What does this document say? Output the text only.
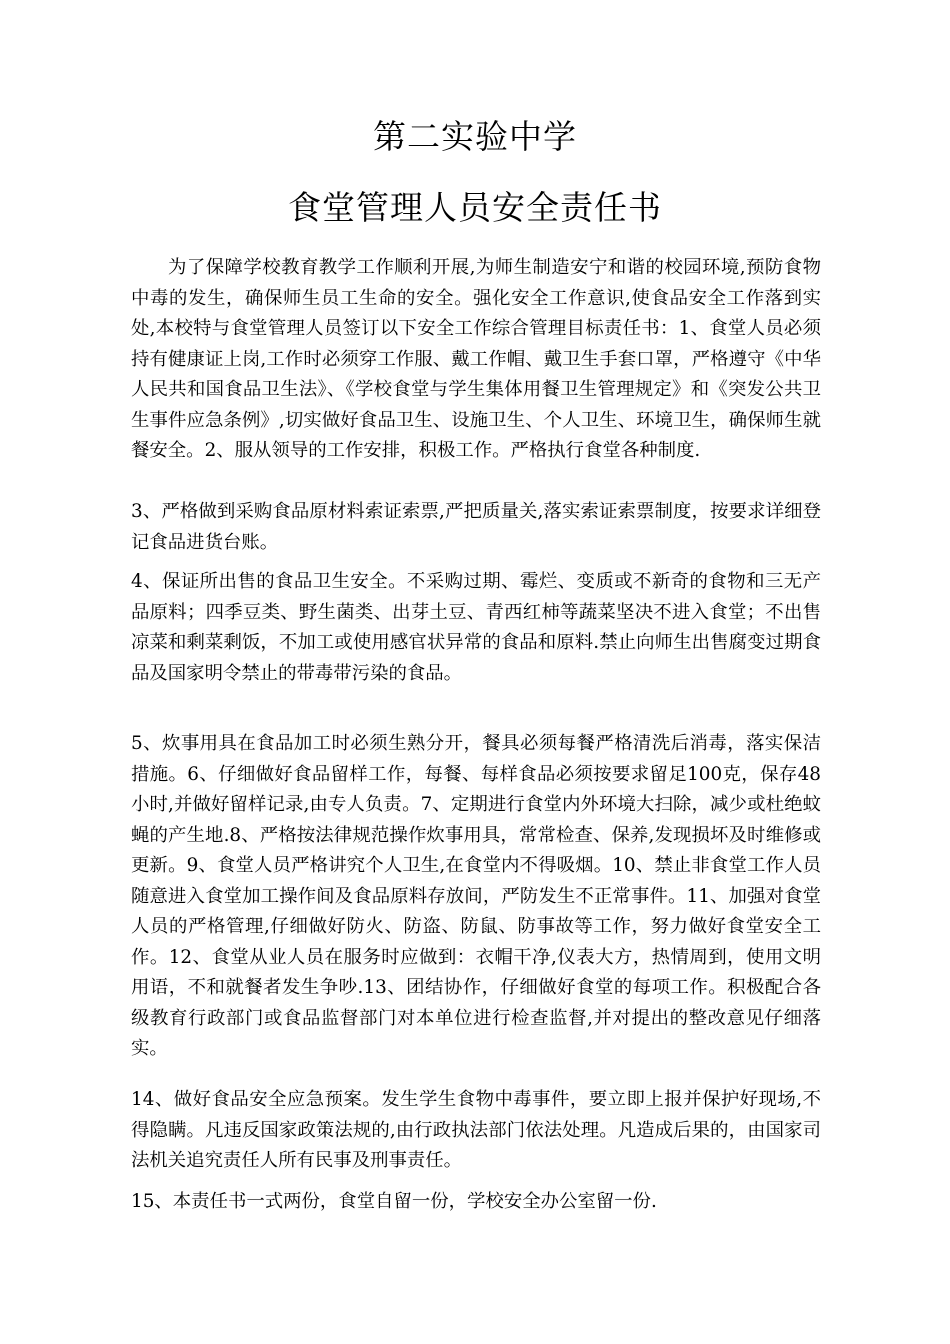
第二实验中学
食堂管理人员安全责任书

为了保障学校教育教学工作顺利开展,为师生制造安宁和谐的校园环境,预防食物中毒的发生，确保师生员工生命的安全。强化安全工作意识,使食品安全工作落到实处,本校特与食堂管理人员签订以下安全工作综合管理目标责任书：1、食堂人员必须持有健康证上岗,工作时必须穿工作服、戴工作帽、戴卫生手套口罩，严格遵守《中华人民共和国食品卫生法》、《学校食堂与学生集体用餐卫生管理规定》和《突发公共卫生事件应急条例》,切实做好食品卫生、设施卫生、个人卫生、环境卫生，确保师生就餐安全。2、服从领导的工作安排，积极工作。严格执行食堂各种制度.

3、严格做到采购食品原材料索证索票,严把质量关,落实索证索票制度，按要求详细登记食品进货台账。

4、保证所出售的食品卫生安全。不采购过期、霉烂、变质或不新奇的食物和三无产品原料；四季豆类、野生菌类、出芽土豆、青西红柿等蔬菜坚决不进入食堂；不出售凉菜和剩菜剩饭，不加工或使用感官状异常的食品和原料.禁止向师生出售腐变过期食品及国家明令禁止的带毒带污染的食品。

5、炊事用具在食品加工时必须生熟分开，餐具必须每餐严格清洗后消毒，落实保洁措施。6、仔细做好食品留样工作，每餐、每样食品必须按要求留足100克，保存48小时,并做好留样记录,由专人负责。7、定期进行食堂内外环境大扫除，减少或杜绝蚊蝇的产生地.8、严格按法律规范操作炊事用具，常常检查、保养,发现损坏及时维修或更新。9、食堂人员严格讲究个人卫生,在食堂内不得吸烟。10、禁止非食堂工作人员随意进入食堂加工操作间及食品原料存放间，严防发生不正常事件。11、加强对食堂人员的严格管理,仔细做好防火、防盗、防鼠、防事故等工作，努力做好食堂安全工作。12、食堂从业人员在服务时应做到：衣帽干净,仪表大方，热情周到，使用文明用语，不和就餐者发生争吵.13、团结协作，仔细做好食堂的每项工作。积极配合各级教育行政部门或食品监督部门对本单位进行检查监督,并对提出的整改意见仔细落实。

14、做好食品安全应急预案。发生学生食物中毒事件，要立即上报并保护好现场,不得隐瞒。凡违反国家政策法规的,由行政执法部门依法处理。凡造成后果的，由国家司法机关追究责任人所有民事及刑事责任。

15、本责任书一式两份，食堂自留一份，学校安全办公室留一份.
